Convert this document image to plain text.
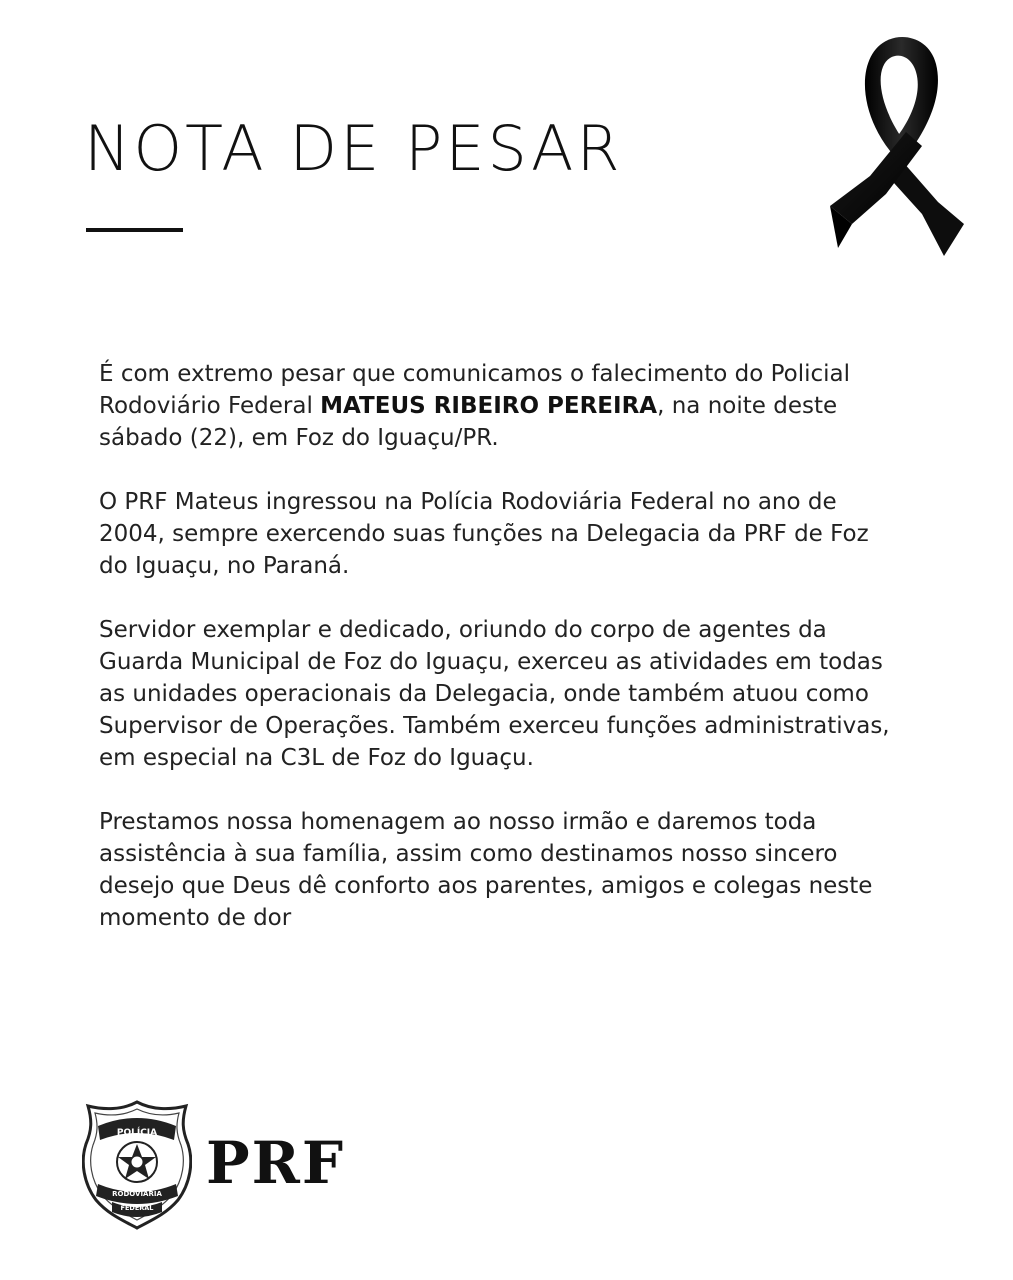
NOTA DE PESAR

É com extremo pesar que comunicamos o falecimento do Policial Rodoviário Federal MATEUS RIBEIRO PEREIRA, na noite deste sábado (22), em Foz do Iguaçu/PR.

O PRF Mateus ingressou na Polícia Rodoviária Federal no ano de 2004, sempre exercendo suas funções na Delegacia da PRF de Foz do Iguaçu, no Paraná.

Servidor exemplar e dedicado, oriundo do corpo de agentes da Guarda Municipal de Foz do Iguaçu, exerceu as atividades em todas as unidades operacionais da Delegacia, onde também atuou como Supervisor de Operações. Também exerceu funções administrativas, em especial na C3L de Foz do Iguaçu.

Prestamos nossa homenagem ao nosso irmão e daremos toda assistência à sua família, assim como destinamos nosso sincero desejo que Deus dê conforto aos parentes, amigos e colegas neste momento de dor

POLÍCIA
RODOVIÁRIA
FEDERAL
PRF
